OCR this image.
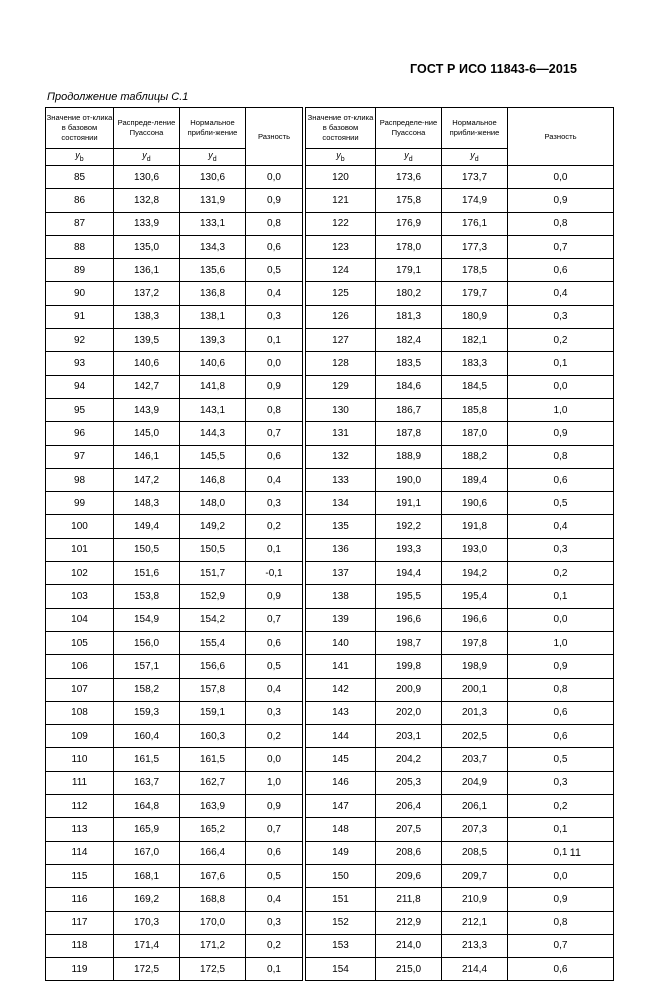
ГОСТ Р ИСО 11843-6—2015
Продолжение таблицы С.1
Значение от-клика в базовом состоянии	Распреде-ление Пуассона	Нормальное прибли-жение	Разность		Значение от-клика в базовом состоянии	Распределе-ние Пуассона	Нормальное прибли-жение	Разность
$y_b$	$y_d$	$y_d$			$y_b$	$y_d$	$y_d$
85	130,6	130,6	0,0		120	173,6	173,7	0,0
86	132,8	131,9	0,9		121	175,8	174,9	0,9
87	133,9	133,1	0,8		122	176,9	176,1	0,8
88	135,0	134,3	0,6		123	178,0	177,3	0,7
89	136,1	135,6	0,5		124	179,1	178,5	0,6
90	137,2	136,8	0,4		125	180,2	179,7	0,4
91	138,3	138,1	0,3		126	181,3	180,9	0,3
92	139,5	139,3	0,1		127	182,4	182,1	0,2
93	140,6	140,6	0,0		128	183,5	183,3	0,1
94	142,7	141,8	0,9		129	184,6	184,5	0,0
95	143,9	143,1	0,8		130	186,7	185,8	1,0
96	145,0	144,3	0,7		131	187,8	187,0	0,9
97	146,1	145,5	0,6		132	188,9	188,2	0,8
98	147,2	146,8	0,4		133	190,0	189,4	0,6
99	148,3	148,0	0,3		134	191,1	190,6	0,5
100	149,4	149,2	0,2		135	192,2	191,8	0,4
101	150,5	150,5	0,1		136	193,3	193,0	0,3
102	151,6	151,7	-0,1		137	194,4	194,2	0,2
103	153,8	152,9	0,9		138	195,5	195,4	0,1
104	154,9	154,2	0,7		139	196,6	196,6	0,0
105	156,0	155,4	0,6		140	198,7	197,8	1,0
106	157,1	156,6	0,5		141	199,8	198,9	0,9
107	158,2	157,8	0,4		142	200,9	200,1	0,8
108	159,3	159,1	0,3		143	202,0	201,3	0,6
109	160,4	160,3	0,2		144	203,1	202,5	0,6
110	161,5	161,5	0,0		145	204,2	203,7	0,5
111	163,7	162,7	1,0		146	205,3	204,9	0,3
112	164,8	163,9	0,9		147	206,4	206,1	0,2
113	165,9	165,2	0,7		148	207,5	207,3	0,1
114	167,0	166,4	0,6		149	208,6	208,5	0,1
115	168,1	167,6	0,5		150	209,6	209,7	0,0
116	169,2	168,8	0,4		151	211,8	210,9	0,9
117	170,3	170,0	0,3		152	212,9	212,1	0,8
118	171,4	171,2	0,2		153	214,0	213,3	0,7
119	172,5	172,5	0,1		154	215,0	214,4	0,6
11
